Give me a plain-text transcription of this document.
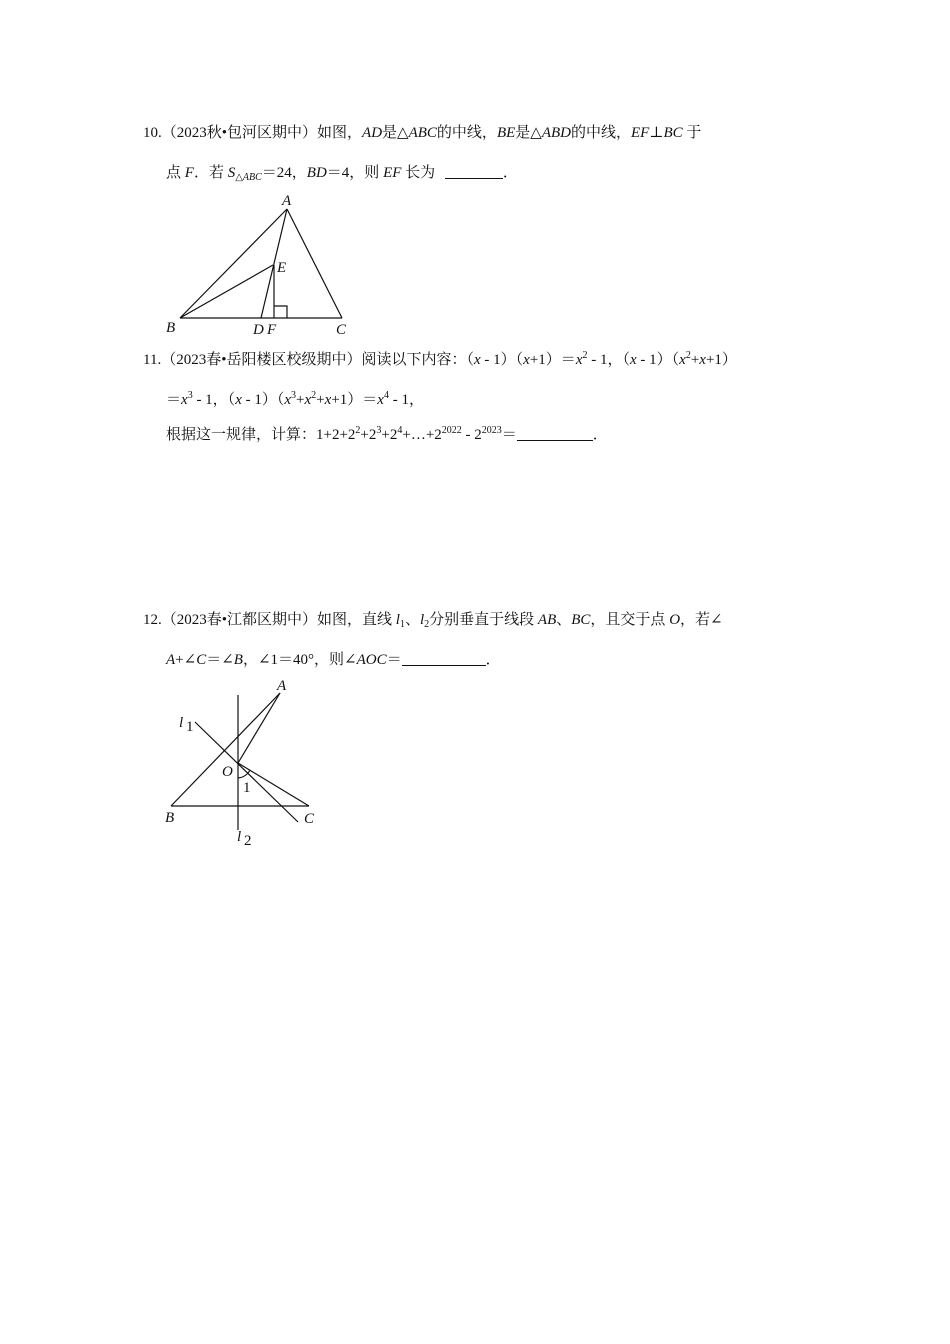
10.（2023秋•包河区期中）如图，AD是△ABC的中线，BE是△ABD的中线，EF⊥BC 于
点 F．若 $S_{\triangle ABC}=24$，BD＝4，则 EF 长为	．
A
B	C
D
E
F
A
B	C
O
1
l 1
l 2
11.（2023春•岳阳楼区校级期中）阅读以下内容：$(x - 1)(x+1)=x^2 - 1$，$(x - 1)(x^2+x+1)$
$=x^3 - 1$，$(x - 1)(x^3+x^2+x+1)=x^4 - 1$，
根据这一规律，计算：$1+2+2^2+2^3+2^4+\dots+2^{2022} - 2^{2023}=$	．
12.（2023春•江都区期中）如图，直线 $l_1$、$l_2$分别垂直于线段 AB、BC，且交于点 O，若∠
A+∠C＝∠B，∠1＝40°，则∠AOC＝	．
